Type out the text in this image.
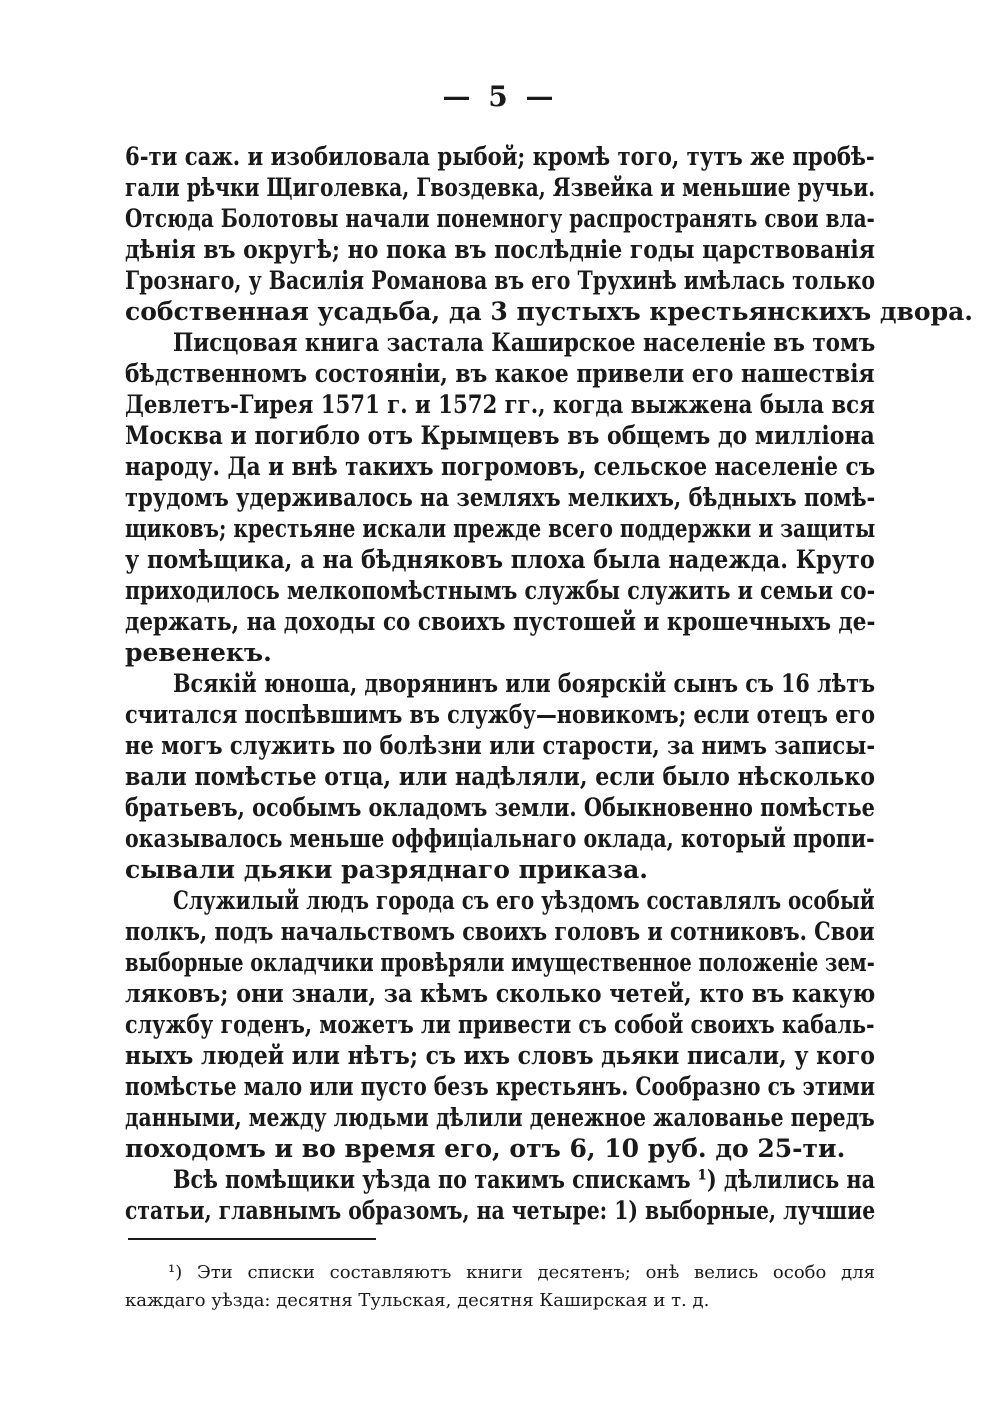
— 5 —
6-ти саж. и изобиловала рыбой; кромѣ того, тутъ же пробѣ-
гали рѣчки Щиголевка, Гвоздевка, Язвейка и меньшие ручьи.
Отсюда Болотовы начали понемногу распространять свои вла-
дѣнія въ округѣ; но пока въ послѣдніе годы царствованія
Грознаго, у Василія Романова въ его Трухинѣ имѣлась только
собственная усадьба, да 3 пустыхъ крестьянскихъ двора.
Писцовая книга застала Каширское населеніе въ томъ
бѣдственномъ состояніи, въ какое привели его нашествія
Девлетъ-Гирея 1571 г. и 1572 гг., когда выжжена была вся
Москва и погибло отъ Крымцевъ въ общемъ до милліона
народу. Да и внѣ такихъ погромовъ, сельское населеніе съ
трудомъ удерживалось на земляхъ мелкихъ, бѣдныхъ помѣ-
щиковъ; крестьяне искали прежде всего поддержки и защиты
у помѣщика, а на бѣдняковъ плоха была надежда. Круто
приходилось мелкопомѣстнымъ службы служить и семьи со-
держать, на доходы со своихъ пустошей и крошечныхъ де-
ревенекъ.
Всякій юноша, дворянинъ или боярскій сынъ съ 16 лѣтъ
считался поспѣвшимъ въ службу—новикомъ; если отецъ его
не могъ служить по болѣзни или старости, за нимъ записы-
вали помѣстье отца, или надѣляли, если было нѣсколько
братьевъ, особымъ окладомъ земли. Обыкновенно помѣстье
оказывалось меньше оффиціальнаго оклада, который пропи-
сывали дьяки разряднаго приказа.
Служилый людъ города съ его уѣздомъ составлялъ особый
полкъ, подъ начальствомъ своихъ головъ и сотниковъ. Свои
выборные окладчики провѣряли имущественное положеніе зем-
ляковъ; они знали, за кѣмъ сколько четей, кто въ какую
службу годенъ, можетъ ли привести съ собой своихъ кабаль-
ныхъ людей или нѣтъ; съ ихъ словъ дьяки писали, у кого
помѣстье мало или пусто безъ крестьянъ. Сообразно съ этими
данными, между людьми дѣлили денежное жалованье передъ
походомъ и во время его, отъ 6, 10 руб. до 25-ти.
Всѣ помѣщики уѣзда по такимъ спискамъ ¹) дѣлились на
статьи, главнымъ образомъ, на четыре: 1) выборные, лучшие
¹) Эти списки составляютъ книги десятенъ; онѣ велись особо для
каждаго уѣзда: десятня Тульская, десятня Каширская и т. д.
